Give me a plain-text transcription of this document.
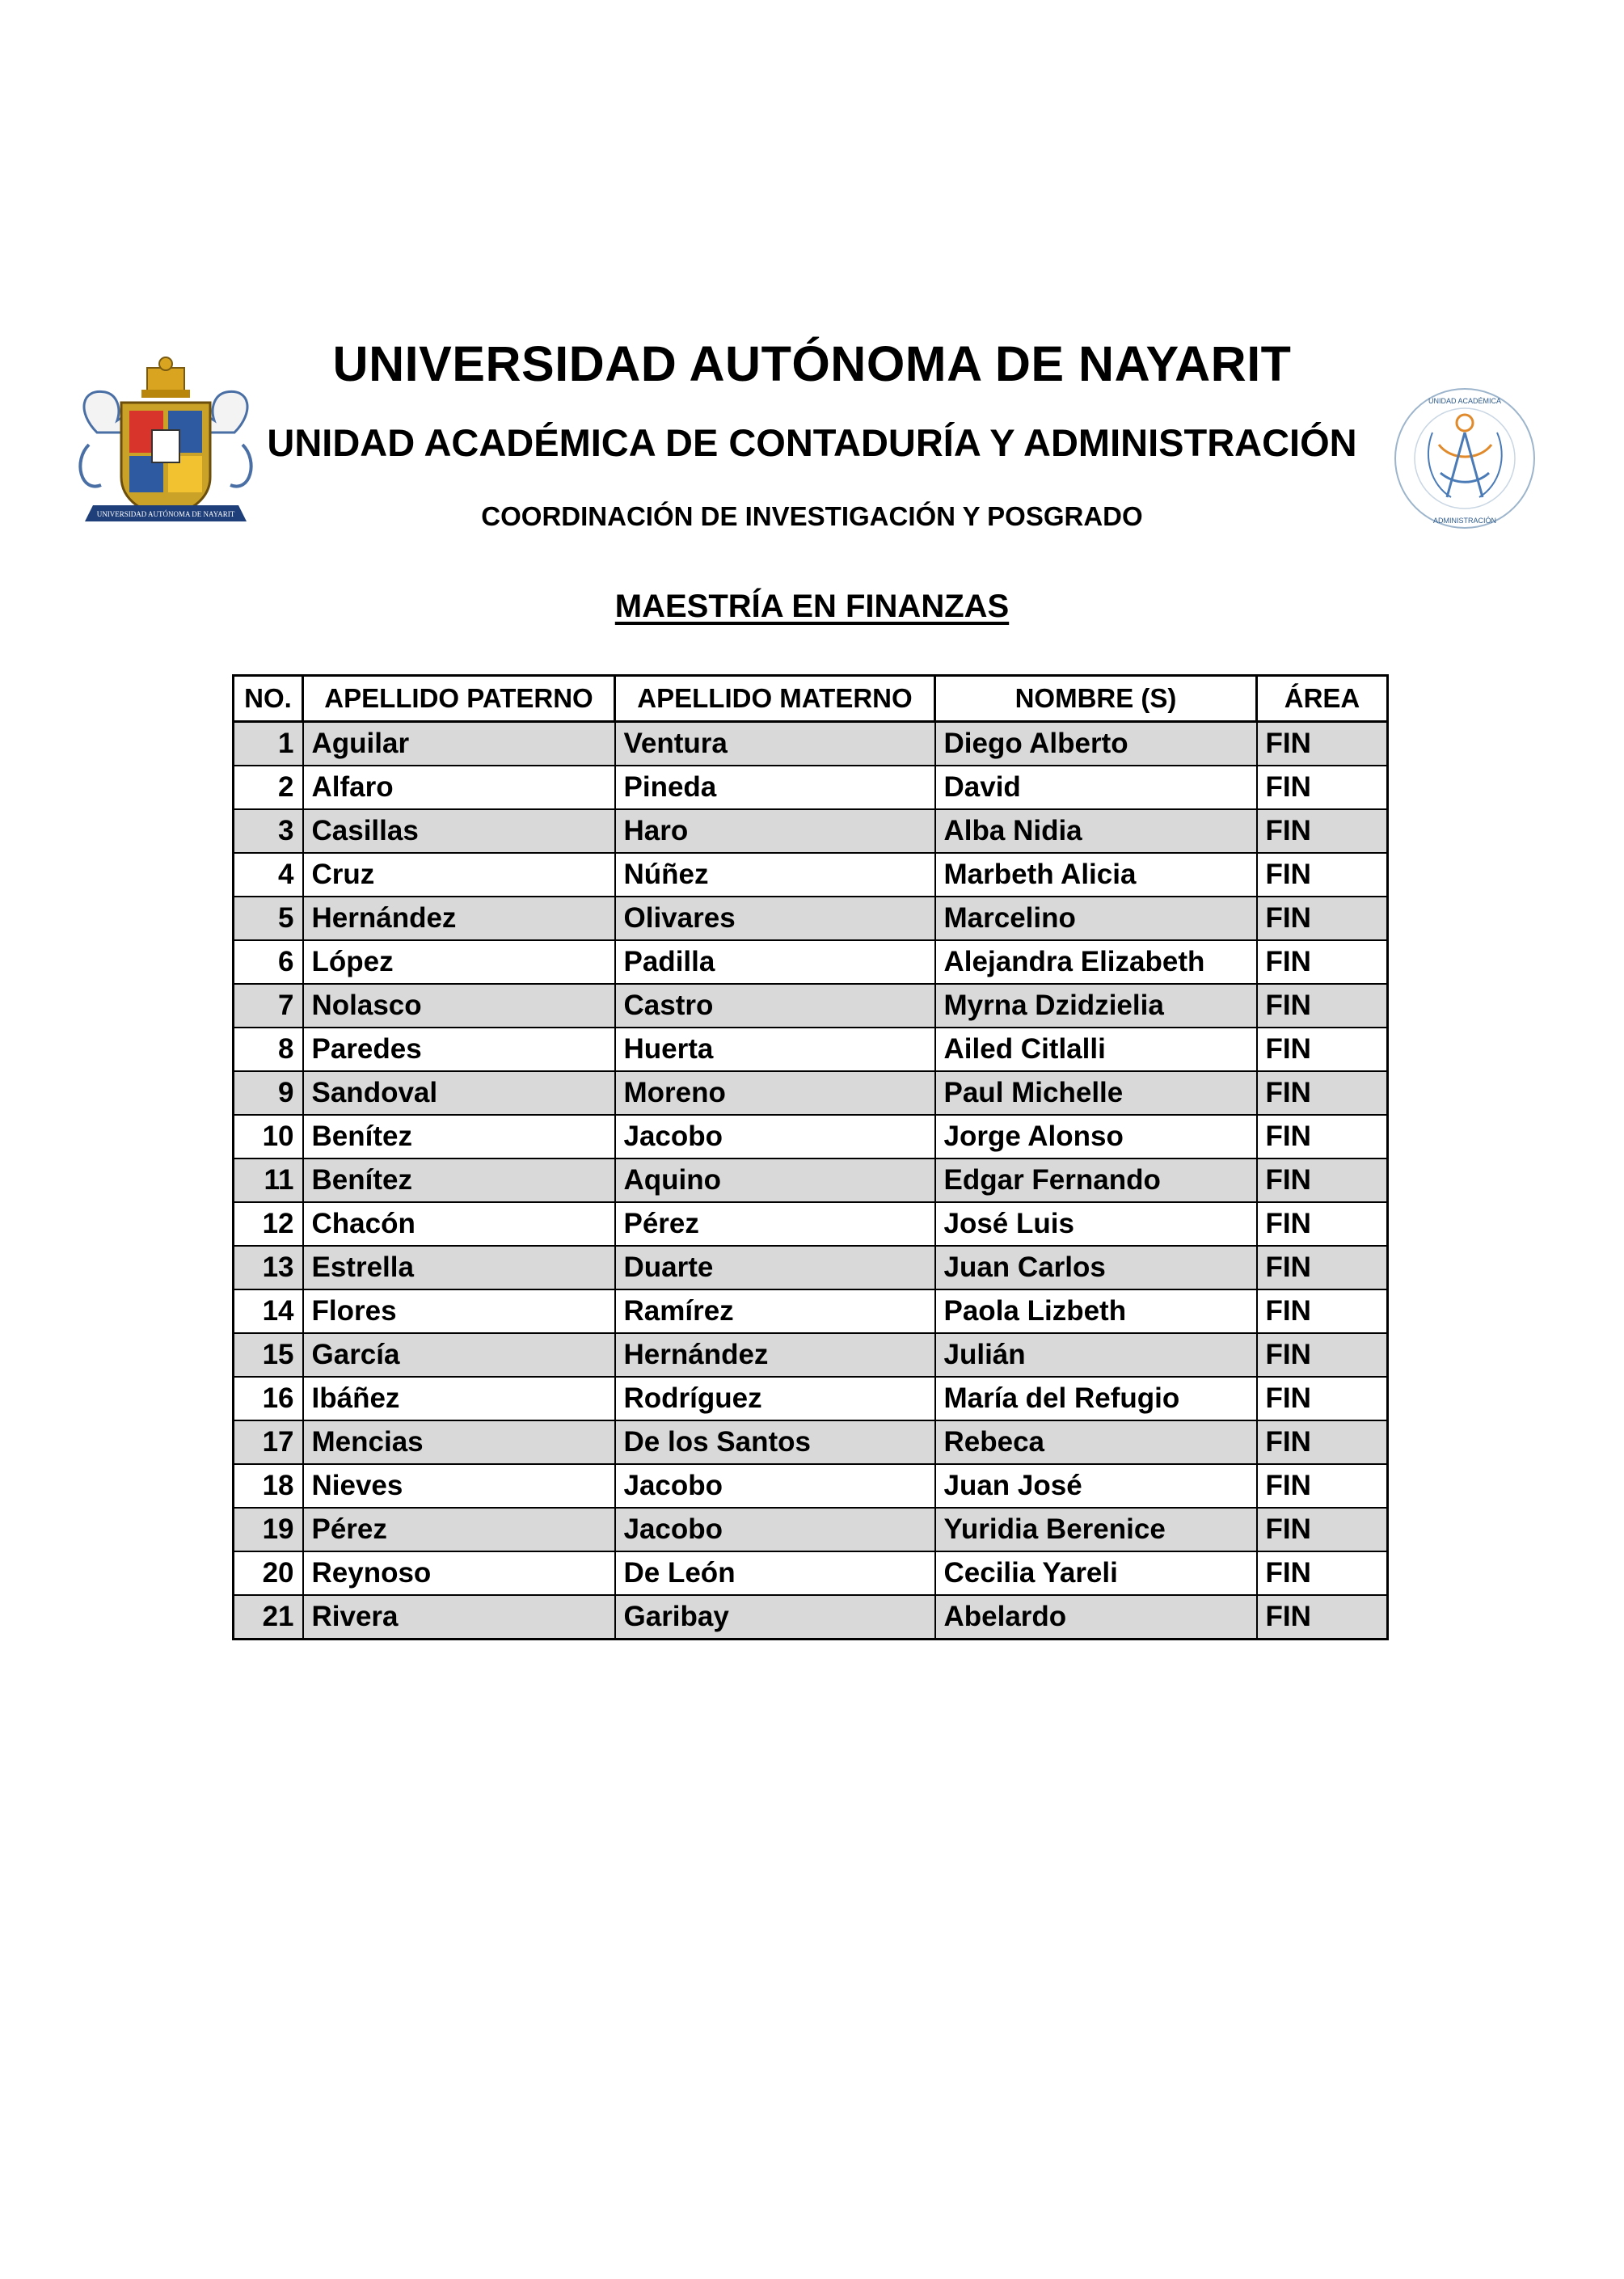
UNIVERSIDAD AUTÓNOMA DE NAYARIT
UNIDAD ACADÉMICA
ADMINISTRACIÓN
UNIVERSIDAD AUTÓNOMA DE NAYARIT
UNIDAD ACADÉMICA DE CONTADURÍA Y ADMINISTRACIÓN
COORDINACIÓN DE INVESTIGACIÓN Y POSGRADO
MAESTRÍA EN FINANZAS
NO.	APELLIDO PATERNO	APELLIDO MATERNO	NOMBRE (S)	ÁREA
1	Aguilar	Ventura	Diego Alberto	FIN
2	Alfaro	Pineda	David	FIN
3	Casillas	Haro	Alba Nidia	FIN
4	Cruz	Núñez	Marbeth Alicia	FIN
5	Hernández	Olivares	Marcelino	FIN
6	López	Padilla	Alejandra Elizabeth	FIN
7	Nolasco	Castro	Myrna Dzidzielia	FIN
8	Paredes	Huerta	Ailed Citlalli	FIN
9	Sandoval	Moreno	Paul Michelle	FIN
10	Benítez	Jacobo	Jorge Alonso	FIN
11	Benítez	Aquino	Edgar Fernando	FIN
12	Chacón	Pérez	José Luis	FIN
13	Estrella	Duarte	Juan Carlos	FIN
14	Flores	Ramírez	Paola Lizbeth	FIN
15	García	Hernández	Julián	FIN
16	Ibáñez	Rodríguez	María del Refugio	FIN
17	Mencias	De los Santos	Rebeca	FIN
18	Nieves	Jacobo	Juan José	FIN
19	Pérez	Jacobo	Yuridia Berenice	FIN
20	Reynoso	De León	Cecilia Yareli	FIN
21	Rivera	Garibay	Abelardo	FIN
